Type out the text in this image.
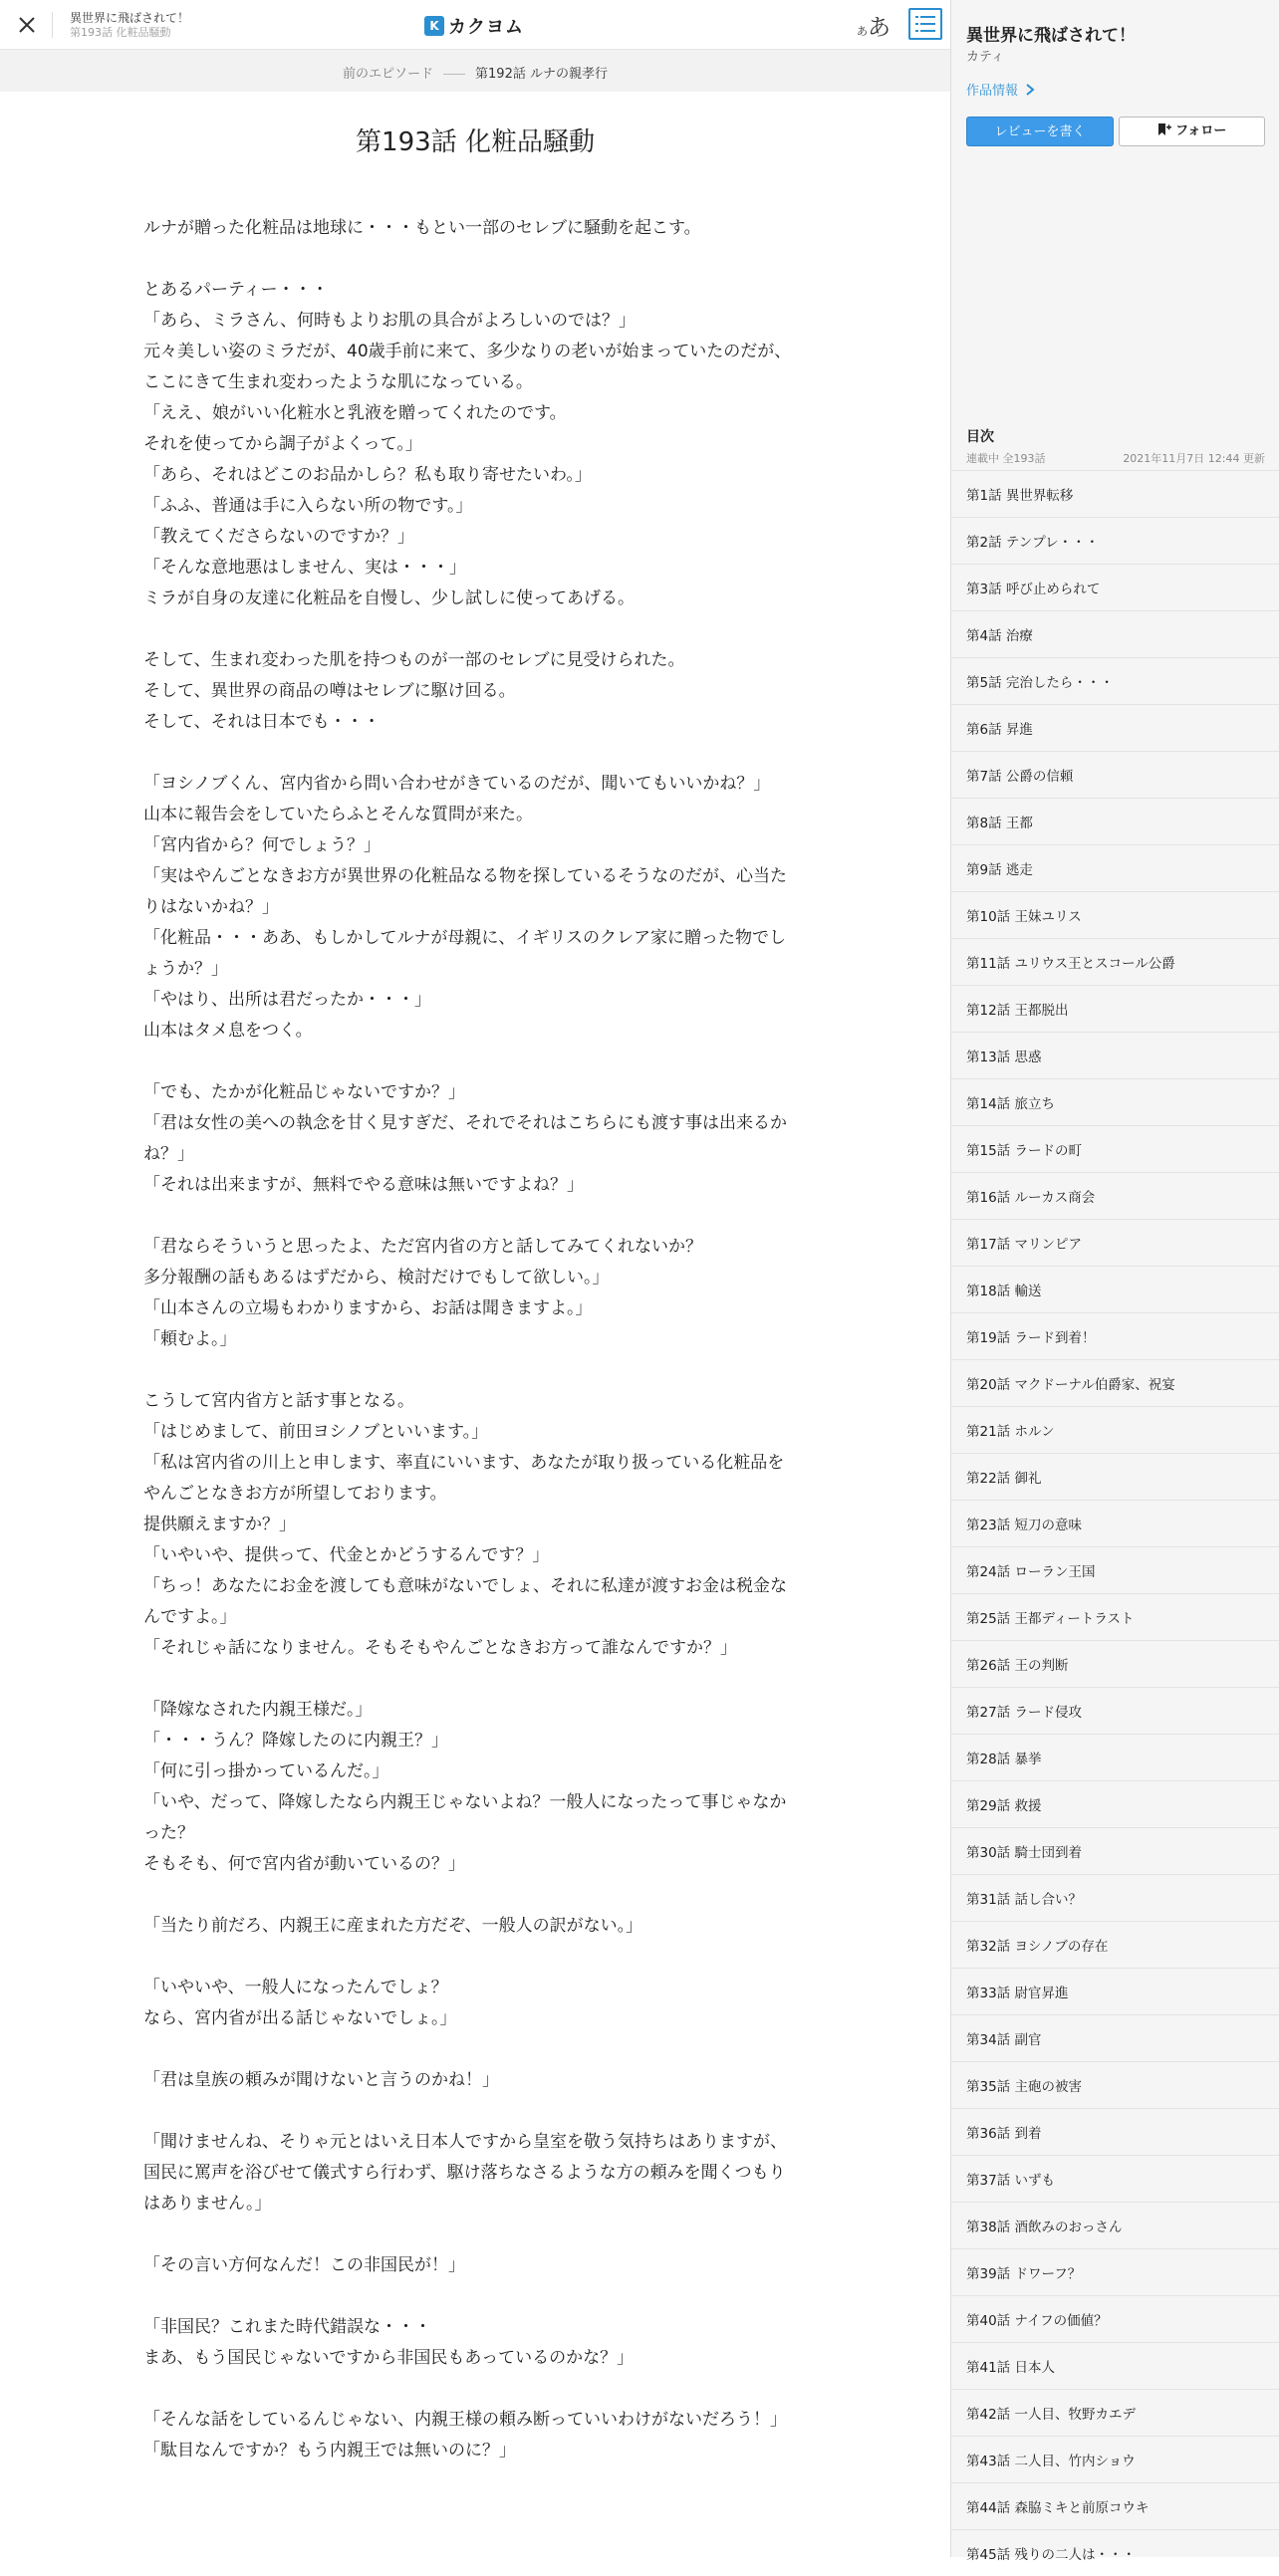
異世界に飛ばされて！
第193話 化粧品騒動	K カクヨム	ああ
前のエピソード	第192話 ルナの親孝行
第193話 化粧品騒動

ルナが贈った化粧品は地球に・・・もとい一部のセレブに騒動を起こす。

とあるパーティー・・・

「あら、ミラさん、何時もよりお肌の具合がよろしいのでは？」

元々美しい姿のミラだが、40歳手前に来て、多少なりの老いが始まっていたのだが、ここにきて生まれ変わったような肌になっている。

「ええ、娘がいい化粧水と乳液を贈ってくれたのです。

それを使ってから調子がよくって。」

「あら、それはどこのお品かしら？私も取り寄せたいわ。」

「ふふ、普通は手に入らない所の物です。」

「教えてくださらないのですか？」

「そんな意地悪はしません、実は・・・」

ミラが自身の友達に化粧品を自慢し、少し試しに使ってあげる。

そして、生まれ変わった肌を持つものが一部のセレブに見受けられた。

そして、異世界の商品の噂はセレブに駆け回る。

そして、それは日本でも・・・

「ヨシノブくん、宮内省から問い合わせがきているのだが、聞いてもいいかね？」

山本に報告会をしていたらふとそんな質問が来た。

「宮内省から？何でしょう？」

「実はやんごとなきお方が異世界の化粧品なる物を探しているそうなのだが、心当たりはないかね？」

「化粧品・・・ああ、もしかしてルナが母親に、イギリスのクレア家に贈った物でしょうか？」

「やはり、出所は君だったか・・・」

山本はタメ息をつく。

「でも、たかが化粧品じゃないですか？」

「君は女性の美への執念を甘く見すぎだ、それでそれはこちらにも渡す事は出来るかね？」

「それは出来ますが、無料でやる意味は無いですよね？」

「君ならそういうと思ったよ、ただ宮内省の方と話してみてくれないか？

多分報酬の話もあるはずだから、検討だけでもして欲しい。」

「山本さんの立場もわかりますから、お話は聞きますよ。」

「頼むよ。」

こうして宮内省方と話す事となる。

「はじめまして、前田ヨシノブといいます。」

「私は宮内省の川上と申します、率直にいいます、あなたが取り扱っている化粧品をやんごとなきお方が所望しております。

提供願えますか？」

「いやいや、提供って、代金とかどうするんです？」

「ちっ！あなたにお金を渡しても意味がないでしょ、それに私達が渡すお金は税金なんですよ。」

「それじゃ話になりません。そもそもやんごとなきお方って誰なんですか？」

「降嫁なされた内親王様だ。」

「・・・うん？降嫁したのに内親王？」

「何に引っ掛かっているんだ。」

「いや、だって、降嫁したなら内親王じゃないよね？一般人になったって事じゃなかった？

そもそも、何で宮内省が動いているの？」

「当たり前だろ、内親王に産まれた方だぞ、一般人の訳がない。」

「いやいや、一般人になったんでしょ？

なら、宮内省が出る話じゃないでしょ。」

「君は皇族の頼みが聞けないと言うのかね！」

「聞けませんね、そりゃ元とはいえ日本人ですから皇室を敬う気持ちはありますが、

国民に罵声を浴びせて儀式すら行わず、駆け落ちなさるような方の頼みを聞くつもりはありません。」

「その言い方何なんだ！この非国民が！」

「非国民？これまた時代錯誤な・・・

まあ、もう国民じゃないですから非国民もあっているのかな？」

「そんな話をしているんじゃない、内親王様の頼み断っていいわけがないだろう！」

「駄目なんですか？もう内親王では無いのに？」

異世界に飛ばされて！
カティ
作品情報
レビューを書く	フォロー
目次
連載中 全193話	2021年11月7日 12:44 更新
第1話 異世界転移
第2話 テンプレ・・・
第3話 呼び止められて
第4話 治療
第5話 完治したら・・・
第6話 昇進
第7話 公爵の信頼
第8話 王都
第9話 逃走
第10話 王妹ユリス
第11話 ユリウス王とスコール公爵
第12話 王都脱出
第13話 思惑
第14話 旅立ち
第15話 ラードの町
第16話 ルーカス商会
第17話 マリンピア
第18話 輸送
第19話 ラード到着！
第20話 マクドーナル伯爵家、祝宴
第21話 ホルン
第22話 御礼
第23話 短刀の意味
第24話 ローラン王国
第25話 王都ディートラスト
第26話 王の判断
第27話 ラード侵攻
第28話 暴挙
第29話 救援
第30話 騎士団到着
第31話 話し合い？
第32話 ヨシノブの存在
第33話 尉官昇進
第34話 副官
第35話 主砲の被害
第36話 到着
第37話 いずも
第38話 酒飲みのおっさん
第39話 ドワーフ？
第40話 ナイフの価値？
第41話 日本人
第42話 一人目、牧野カエデ
第43話 二人目、竹内ショウ
第44話 森脇ミキと前原コウキ
第45話 残りの二人は・・・
